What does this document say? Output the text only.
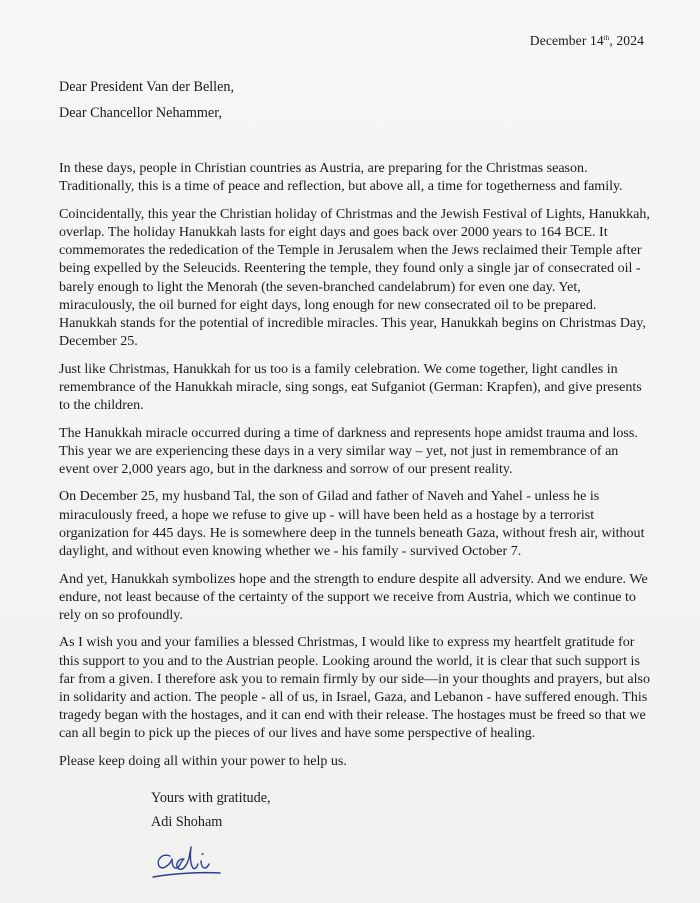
December 14th, 2024
Dear President Van der Bellen,
Dear Chancellor Nehammer,

In these days, people in Christian countries as Austria, are preparing for the Christmas season. Traditionally, this is a time of peace and reflection, but above all, a time for togetherness and family.

Coincidentally, this year the Christian holiday of Christmas and the Jewish Festival of Lights, Hanukkah, overlap. The holiday Hanukkah lasts for eight days and goes back over 2000 years to 164 BCE. It commemorates the rededication of the Temple in Jerusalem when the Jews reclaimed their Temple after being expelled by the Seleucids. Reentering the temple, they found only a single jar of consecrated oil - barely enough to light the Menorah (the seven-branched candelabrum) for even one day. Yet, miraculously, the oil burned for eight days, long enough for new consecrated oil to be prepared. Hanukkah stands for the potential of incredible miracles. This year, Hanukkah begins on Christmas Day, December 25.

Just like Christmas, Hanukkah for us too is a family celebration. We come together, light candles in remembrance of the Hanukkah miracle, sing songs, eat Sufganiot (German: Krapfen), and give presents to the children.

The Hanukkah miracle occurred during a time of darkness and represents hope amidst trauma and loss. This year we are experiencing these days in a very similar way – yet, not just in remembrance of an event over 2,000 years ago, but in the darkness and sorrow of our present reality.

On December 25, my husband Tal, the son of Gilad and father of Naveh and Yahel - unless he is miraculously freed, a hope we refuse to give up - will have been held as a hostage by a terrorist organization for 445 days. He is somewhere deep in the tunnels beneath Gaza, without fresh air, without daylight, and without even knowing whether we - his family - survived October 7.

And yet, Hanukkah symbolizes hope and the strength to endure despite all adversity. And we endure. We endure, not least because of the certainty of the support we receive from Austria, which we continue to rely on so profoundly.

As I wish you and your families a blessed Christmas, I would like to express my heartfelt gratitude for this support to you and to the Austrian people. Looking around the world, it is clear that such support is far from a given. I therefore ask you to remain firmly by our side—in your thoughts and prayers, but also in solidarity and action. The people - all of us, in Israel, Gaza, and Lebanon - have suffered enough. This tragedy began with the hostages, and it can end with their release. The hostages must be freed so that we can all begin to pick up the pieces of our lives and have some perspective of healing.

Please keep doing all within your power to help us.

Yours with gratitude,
Adi Shoham
